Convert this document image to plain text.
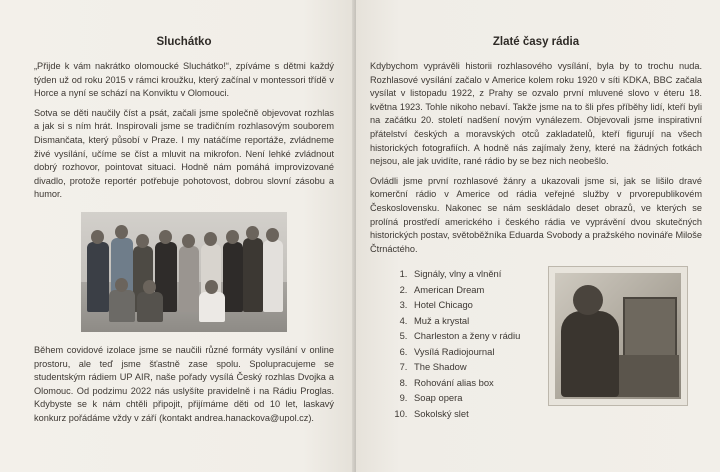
Sluchátko

„Přijde k vám nakrátko olomoucké Sluchátko!“, zpíváme s dětmi každý týden už od roku 2015 v rámci kroužku, který začínal v montessori třídě v Horce a nyní se schází na Konviktu v Olomouci.

Sotva se děti naučily číst a psát, začali jsme společně objevovat rozhlas a jak si s ním hrát. Inspirovali jsme se tradičním rozhlasovým souborem Dismančata, který působí v Praze. I my natáčíme reportáže, zvládneme živé vysílání, učíme se číst a mluvit na mikrofon. Není lehké zvládnout dobrý rozhovor, pointovat situaci. Hodně nám pomáhá improvizované divadlo, protože reportér potřebuje pohotovost, dobrou slovní zásobu a humor.

Během covidové izolace jsme se naučili různé formáty vysílání v online prostoru, ale teď jsme šťastně zase spolu. Spolupracujeme se studentským rádiem UP AIR, naše pořady vysílá Český rozhlas Dvojka a Olomouc. Od podzimu 2022 nás uslyšíte pravidelně i na Rádiu Proglas. Kdybyste se k nám chtěli připojit, přijímáme děti od 10 let, laskavý konkurz pořádáme vždy v září (kontakt andrea.hanackova@upol.cz).

Zlaté časy rádia

Kdybychom vyprávěli historii rozhlasového vysílání, byla by to trochu nuda. Rozhlasové vysílání začalo v Americe kolem roku 1920 v síti KDKA, BBC začala vysílat v listopadu 1922, z Prahy se ozvalo první mluvené slovo v éteru 18. května 1923. Tohle nikoho nebaví. Takže jsme na to šli přes příběhy lidí, kteří byli na začátku 20. století nadšení novým vynálezem. Objevovali jsme inspirativní přátelství českých a moravských otců zakladatelů, kteří figurují na všech historických fotografiích. A hodně nás zajímaly ženy, které na žádných fotkách nejsou, ale jak uvidíte, rané rádio by se bez nich neobešlo.

Ovládli jsme první rozhlasové žánry a ukazovali jsme si, jak se lišilo dravé komerční rádio v Americe od rádia veřejné služby v prvorepublikovém Československu. Nakonec se nám seskládalo deset obrazů, ve kterých se prolíná prostředí amerického i českého rádia ve vyprávění dvou skutečných historických postav, světoběžníka Eduarda Svobody a pražského novináře Miloše Čtrnáctého.

1. Signály, vlny a vlnění
2. American Dream
3. Hotel Chicago
4. Muž a krystal
5. Charleston a ženy v rádiu
6. Vysílá Radiojournal
7. The Shadow
8. Rohování alias box
9. Soap opera
10. Sokolský slet
